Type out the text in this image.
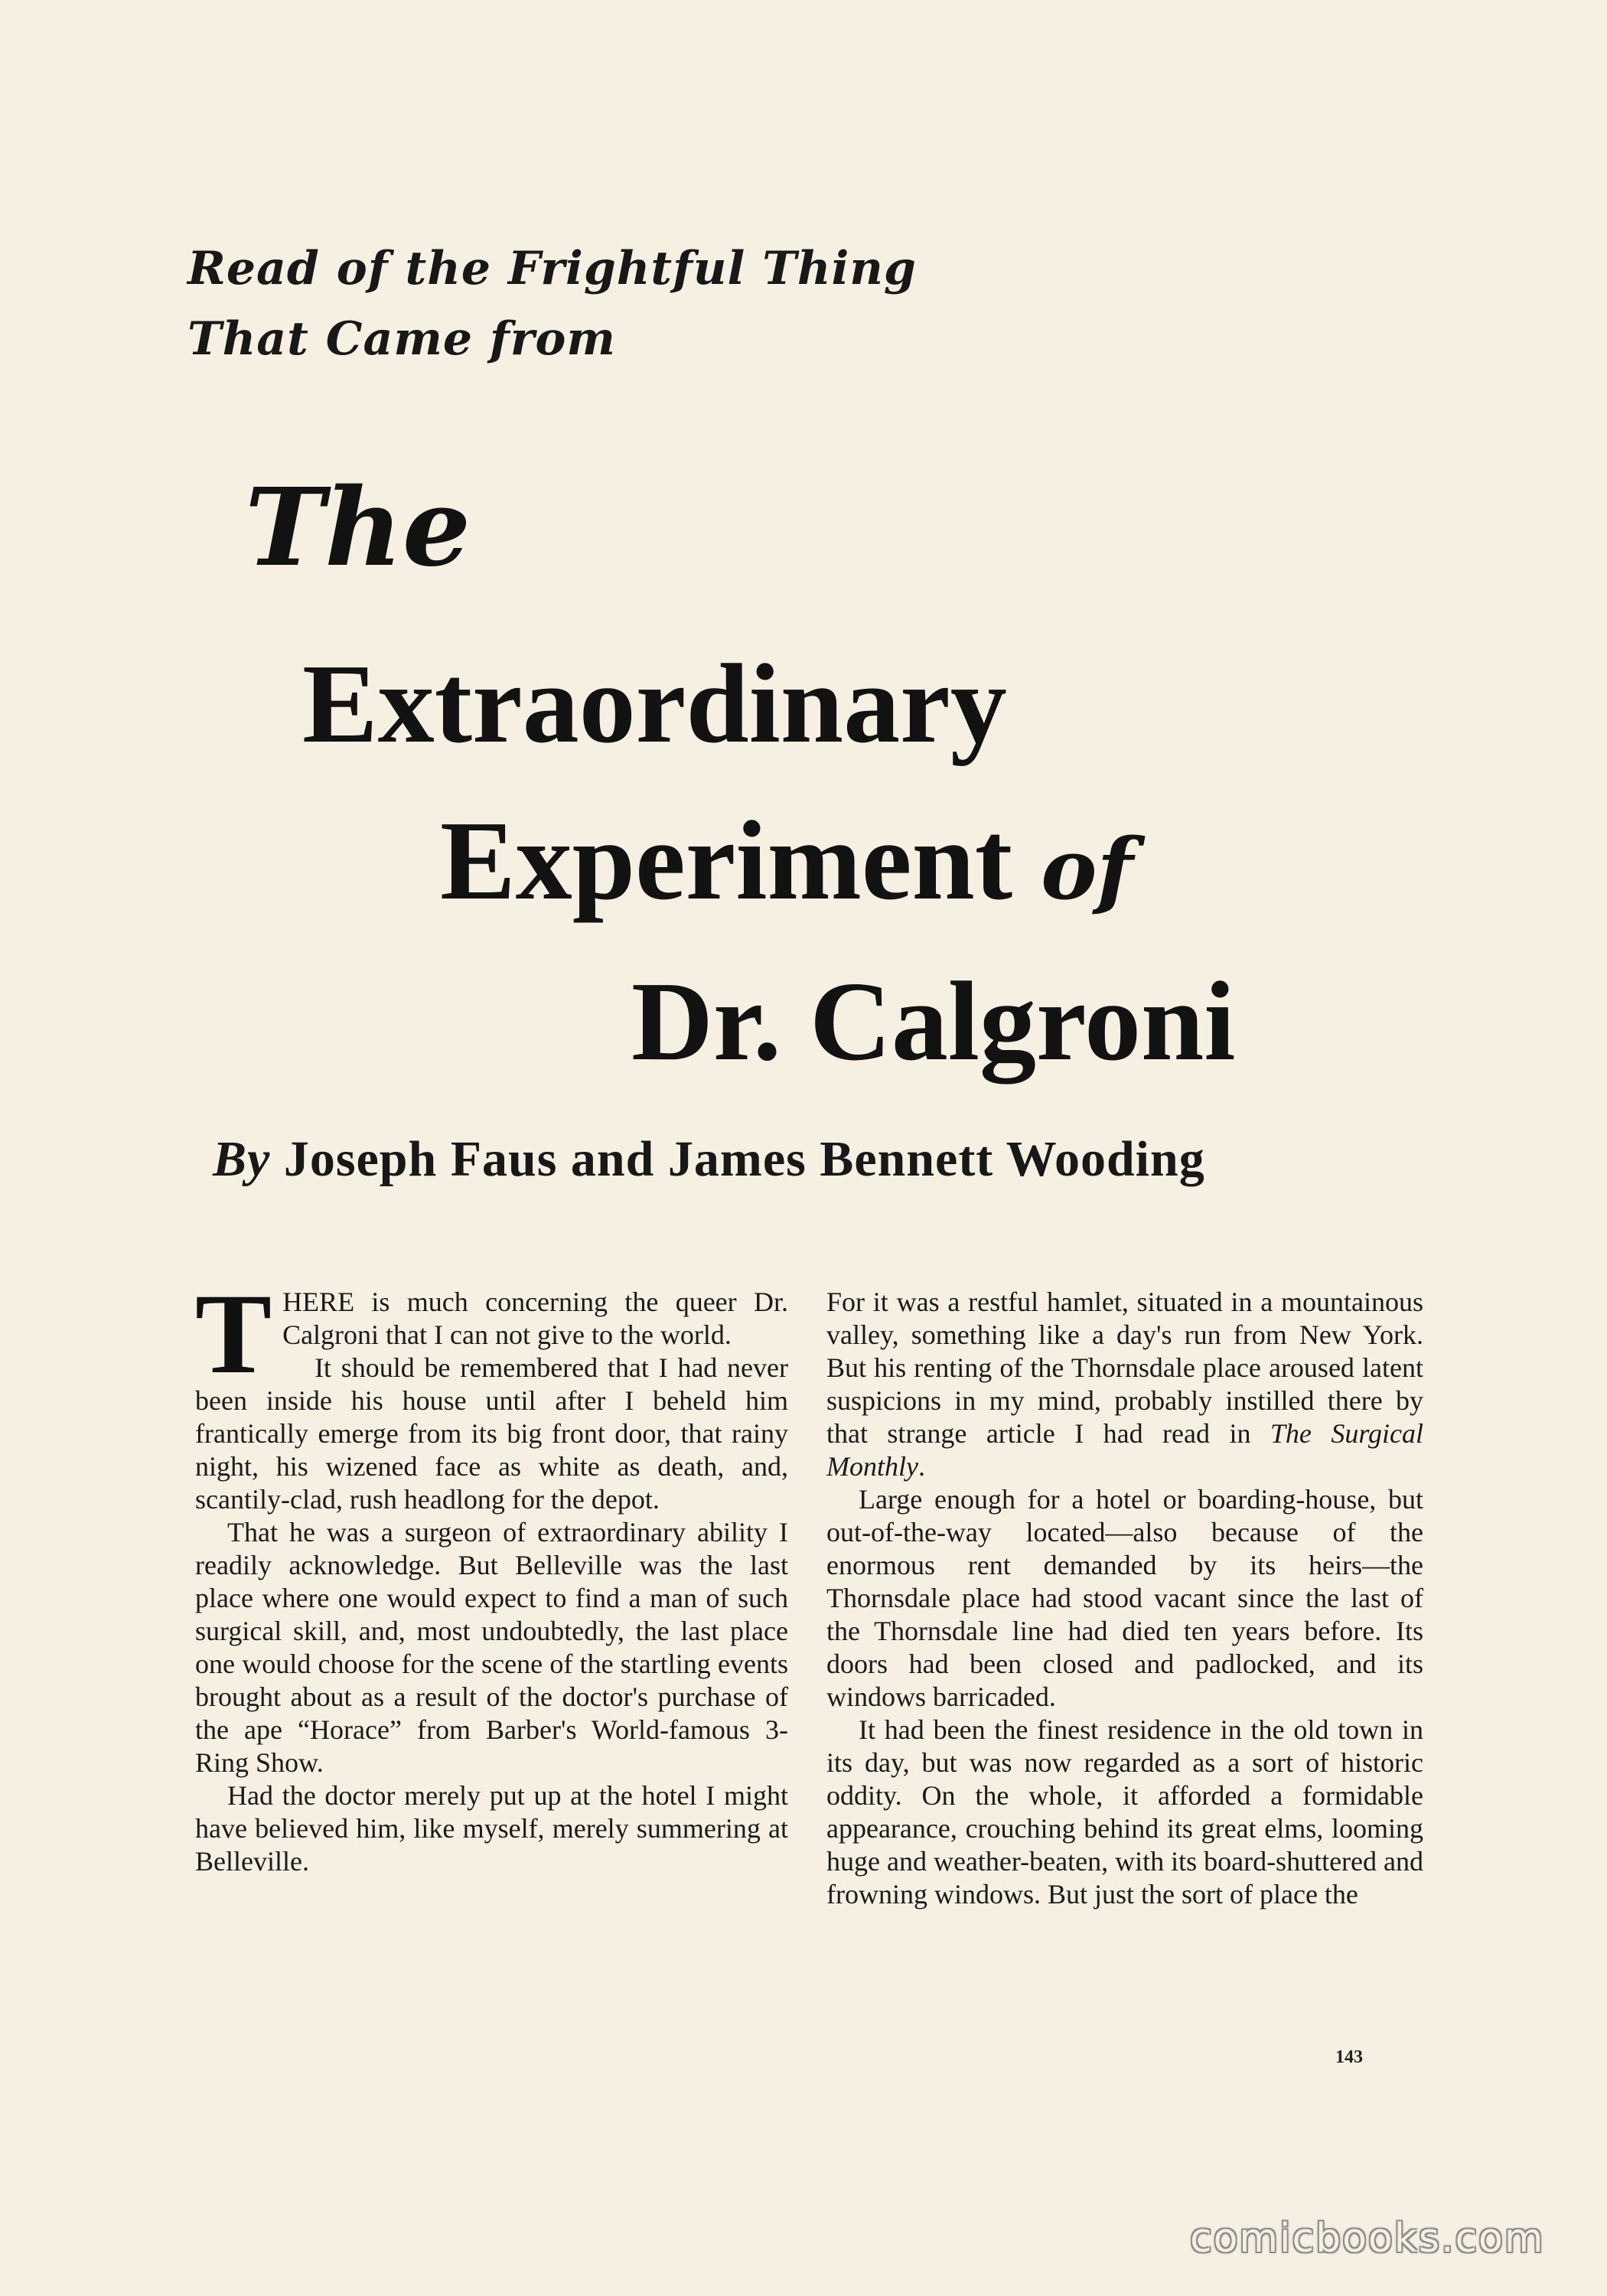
Read of the Frightful Thing
That Came from
The
Extraordinary
Experiment of
Dr. Calgroni
By Joseph Faus and James Bennett Wooding

THERE is much concerning the queer Dr. Calgroni that I can not give to the world.

It should be remembered that I had never been inside his house until after I beheld him frantically emerge from its big front door, that rainy night, his wizened face as white as death, and, scantily-clad, rush headlong for the depot.

That he was a surgeon of extraordinary ability I readily acknowledge. But Belleville was the last place where one would expect to find a man of such surgical skill, and, most undoubtedly, the last place one would choose for the scene of the startling events brought about as a result of the doctor's purchase of the ape “Horace” from Barber's World-famous 3-Ring Show.

Had the doctor merely put up at the hotel I might have believed him, like myself, merely summering at Belleville.

For it was a restful hamlet, situated in a mountainous valley, something like a day's run from New York. But his renting of the Thornsdale place aroused latent suspicions in my mind, probably instilled there by that strange article I had read in The Surgical Monthly.

Large enough for a hotel or boarding-house, but out-of-the-way located—also because of the enormous rent demanded by its heirs—the Thornsdale place had stood vacant since the last of the Thornsdale line had died ten years before. Its doors had been closed and padlocked, and its windows barricaded.

It had been the finest residence in the old town in its day, but was now regarded as a sort of historic oddity. On the whole, it afforded a formidable appearance, crouching behind its great elms, looming huge and weather-beaten, with its board-shuttered and frowning windows. But just the sort of place the

143
comicbooks.com
